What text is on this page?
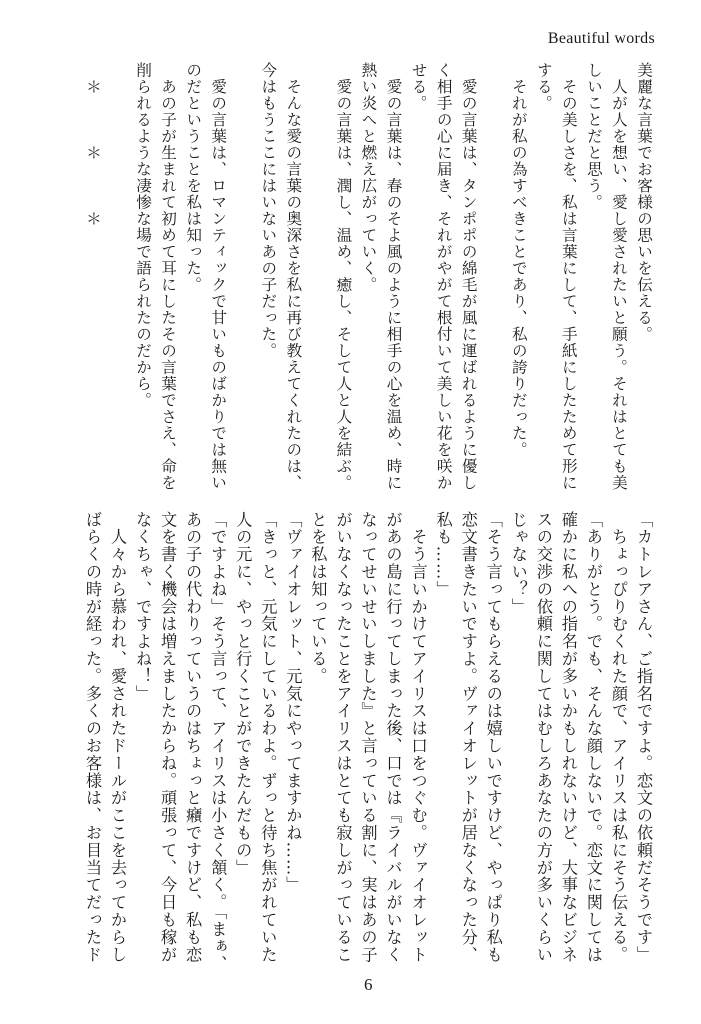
Beautiful words
美麗な言葉でお客様の思いを伝える。
　人が人を想い、愛し愛されたいと願う。それはとても美
しいことだと思う。
　その美しさを、私は言葉にして、手紙にしたためて形に
する。
　それが私の為すべきことであり、私の誇りだった。

　愛の言葉は、タンポポの綿毛が風に運ばれるように優し
く相手の心に届き、それがやがて根付いて美しい花を咲か
せる。
　愛の言葉は、春のそよ風のように相手の心を温め、時に
熱い炎へと燃え広がっていく。
　愛の言葉は、潤し、温め、癒し、そして人と人を結ぶ。

　そんな愛の言葉の奥深さを私に再び教えてくれたのは、
今はもうここにはいないあの子だった。

　愛の言葉は、ロマンティックで甘いものばかりでは無い
のだということを私は知った。
　あの子が生まれて初めて耳にしたその言葉でさえ、命を
削られるような凄惨な場で語られたのだから。

　＊　　　＊　　　＊
「カトレアさん、ご指名ですよ。恋文の依頼だそうです」
　ちょっぴりむくれた顔で、アイリスは私にそう伝える。
「ありがとう。でも、そんな顔しないで。恋文に関しては
確かに私への指名が多いかもしれないけど、大事なビジネ
スの交渉の依頼に関してはむしろあなたの方が多いくらい
じゃない？」
「そう言ってもらえるのは嬉しいですけど、やっぱり私も
恋文書きたいですよ。ヴァイオレットが居なくなった分、
私も……」
　そう言いかけてアイリスは口をつぐむ。ヴァイオレット
があの島に行ってしまった後、口では『ライバルがいなく
なってせいせいしました』と言っている割に、実はあの子
がいなくなったことをアイリスはとても寂しがっているこ
とを私は知っている。
「ヴァイオレット、元気にやってますかね……」
「きっと、元気にしているわよ。ずっと待ち焦がれていた
人の元に、やっと行くことができたんだもの」
「ですよね」そう言って、アイリスは小さく頷く。「まぁ、
あの子の代わりっていうのはちょっと癪ですけど、私も恋
文を書く機会は増えましたからね。頑張って、今日も稼が
なくちゃ、ですよね！」
　人々から慕われ、愛されたドールがここを去ってからし
ばらくの時が経った。多くのお客様は、お目当てだったド
6
